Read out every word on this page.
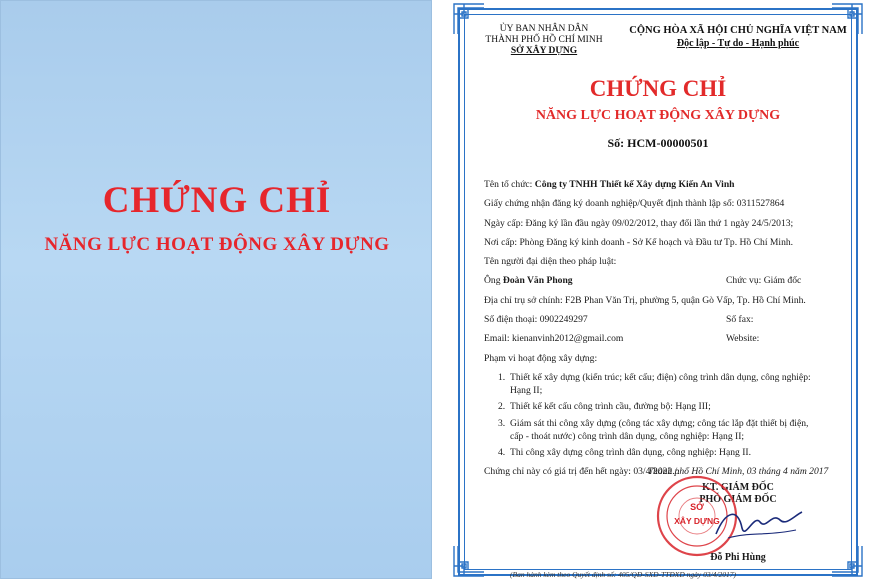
CHỨNG CHỈ
NĂNG LỰC HOẠT ĐỘNG XÂY DỰNG
ỦY BAN NHÂN DÂN
THÀNH PHỐ HỒ CHÍ MINH
SỞ XÂY DỰNG
CỘNG HÒA XÃ HỘI CHỦ NGHĨA VIỆT NAM
Độc lập - Tự do - Hạnh phúc
CHỨNG CHỈ
NĂNG LỰC HOẠT ĐỘNG XÂY DỰNG
Số: HCM-00000501
Tên tổ chức: Công ty TNHH Thiết kế Xây dựng Kiến An Vinh
Giấy chứng nhận đăng ký doanh nghiệp/Quyết định thành lập số: 0311527864
Ngày cấp: Đăng ký lần đầu ngày 09/02/2012, thay đổi lần thứ 1 ngày 24/5/2013;
Nơi cấp: Phòng Đăng ký kinh doanh - Sở Kế hoạch và Đầu tư Tp. Hồ Chí Minh.
Tên người đại diện theo pháp luật:
Ông Đoàn Văn Phong	Chức vụ: Giám đốc
Địa chỉ trụ sở chính: F2B Phan Văn Trị, phường 5, quận Gò Vấp, Tp. Hồ Chí Minh.
Số điện thoại: 0902249297	Số fax:
Email: kienanvinh2012@gmail.com	Website:
Phạm vi hoạt động xây dựng:
1. Thiết kế xây dựng (kiến trúc; kết cấu; điện) công trình dân dụng, công nghiệp:
Hạng II;
2. Thiết kế kết cấu công trình cầu, đường bộ: Hạng III;
3. Giám sát thi công xây dựng (công tác xây dựng; công tác lắp đặt thiết bị điện,
cấp - thoát nước) công trình dân dụng, công nghiệp: Hạng II;
4. Thi công xây dựng công trình dân dụng, công nghiệp: Hạng II.
Chứng chỉ này có giá trị đến hết ngày: 03/4/2022./.
Thành phố Hồ Chí Minh, 03 tháng 4 năm 2017
KT. GIÁM ĐỐC
PHÓ GIÁM ĐỐC
SỞ
XÂY DỰNG
Đỗ Phi Hùng
(Ban hành kèm theo Quyết định số: 405/QĐ-SXD-TTĐXD ngày 03/4/2017)
